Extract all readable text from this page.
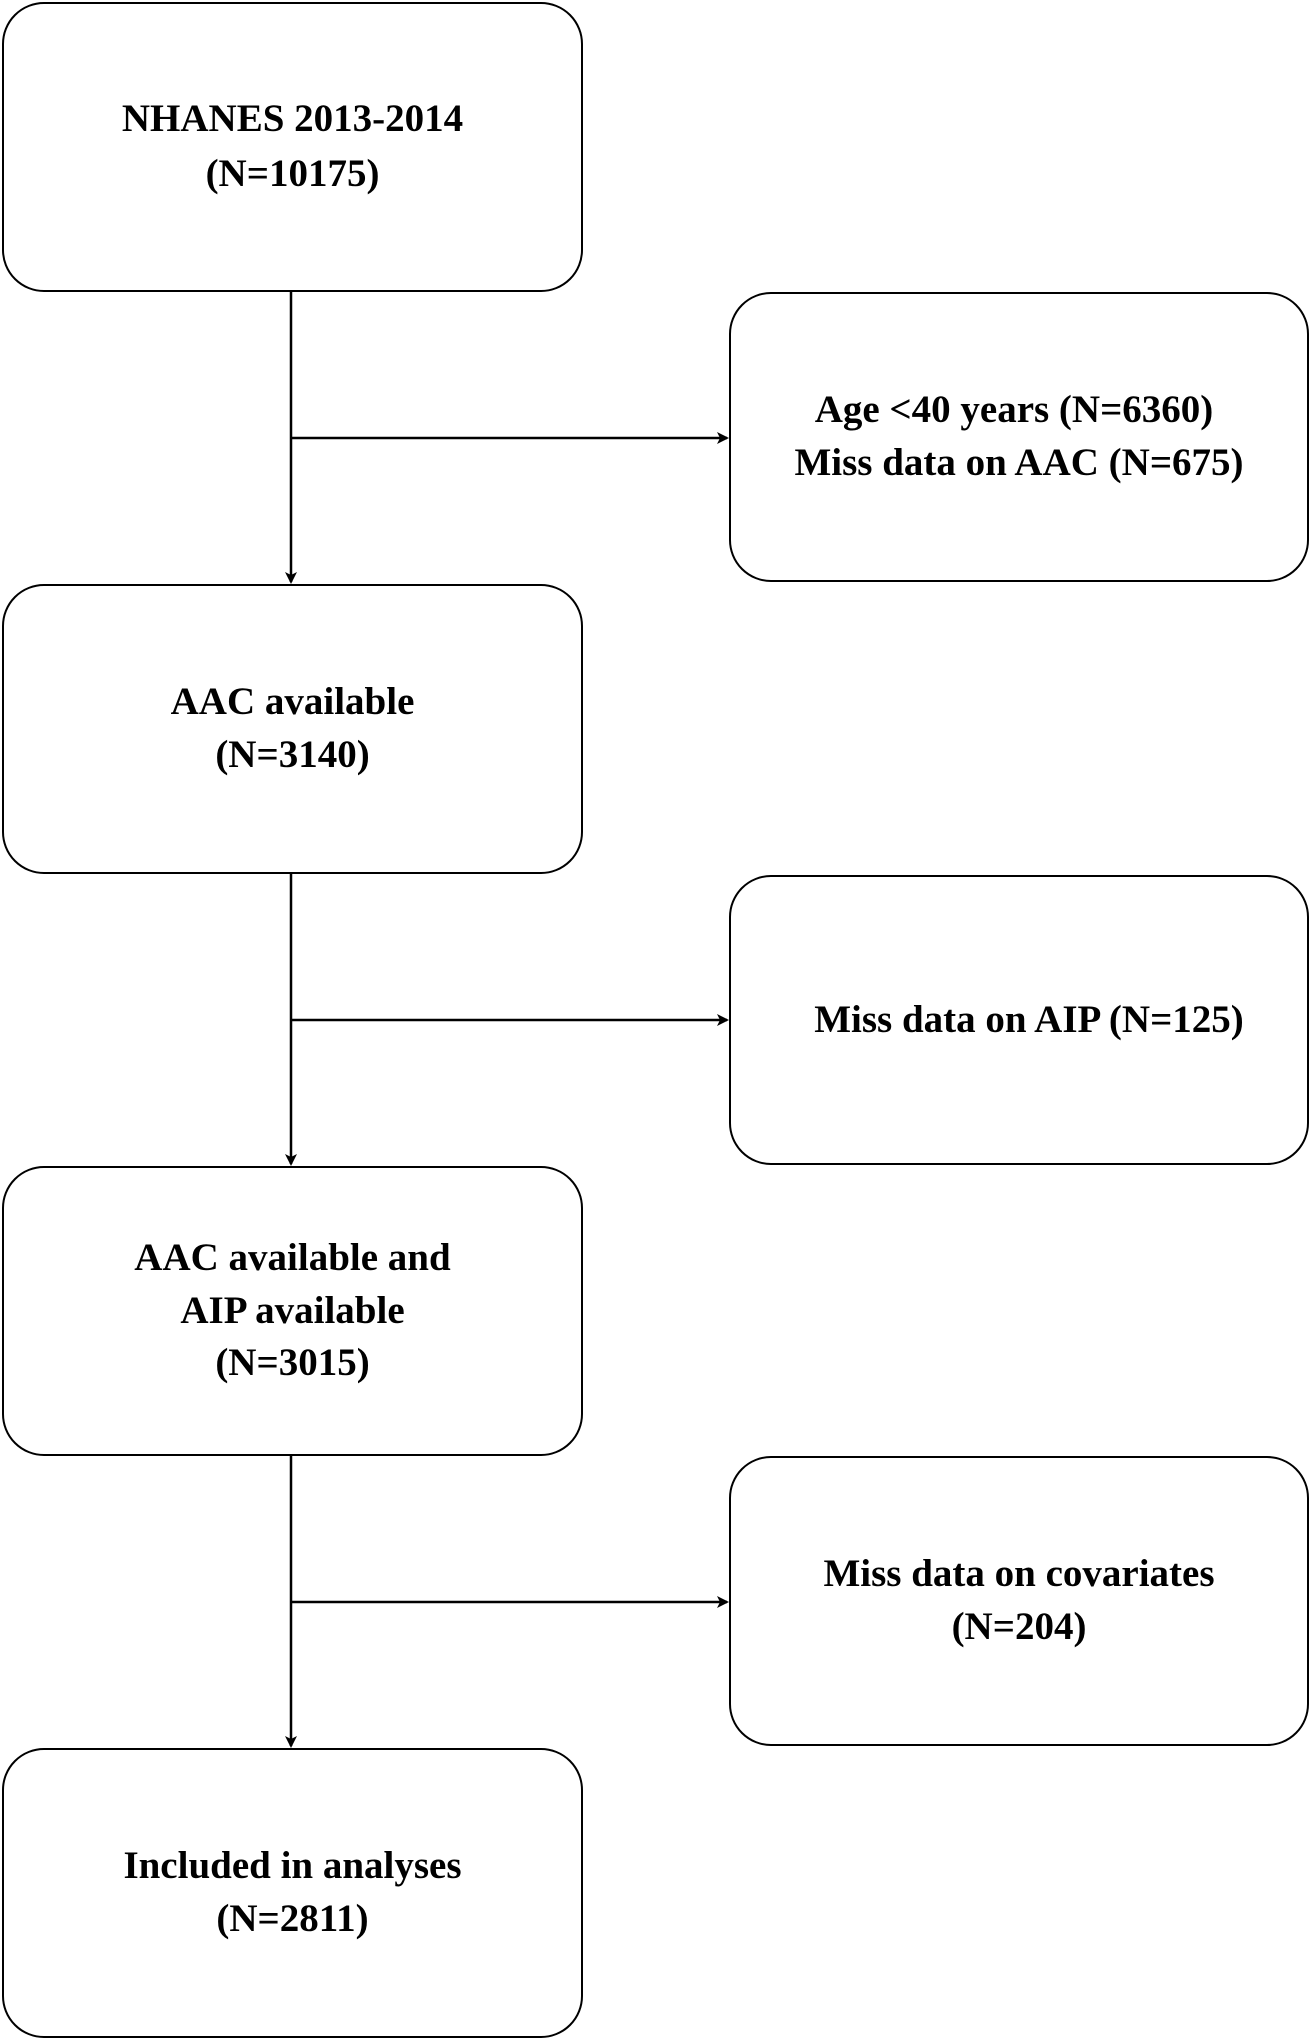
NHANES 2013-2014
(N=10175)
AAC available
(N=3140)
AAC available and
AIP available
(N=3015)
Included in analyses
(N=2811)
Age <40 years (N=6360)
Miss data on AAC (N=675)
Miss data on AIP (N=125)
Miss data on covariates
(N=204)
